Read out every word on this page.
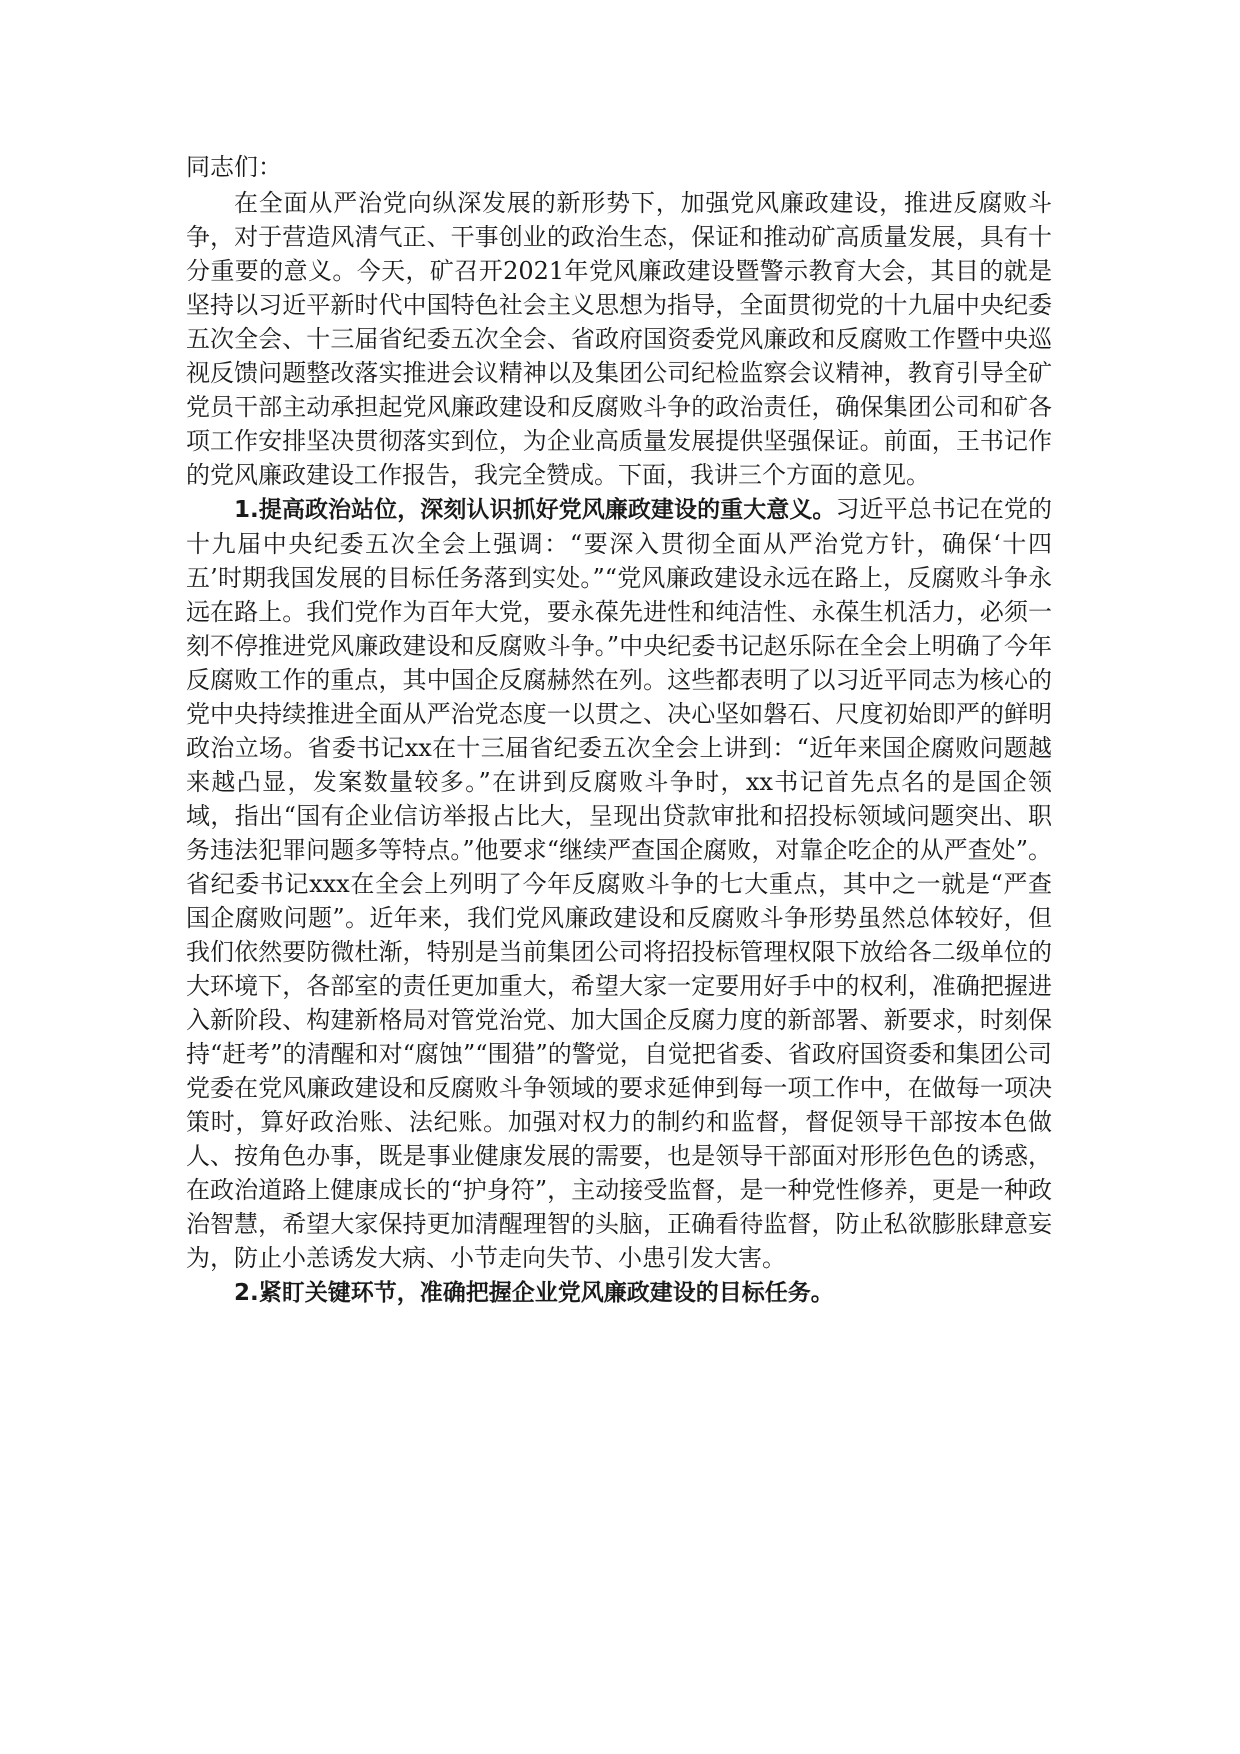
同志们：

在全面从严治党向纵深发展的新形势下，加强党风廉政建设，推进反腐败斗争，对于营造风清气正、干事创业的政治生态，保证和推动矿高质量发展，具有十分重要的意义。今天，矿召开2021年党风廉政建设暨警示教育大会，其目的就是坚持以习近平新时代中国特色社会主义思想为指导，全面贯彻党的十九届中央纪委五次全会、十三届省纪委五次全会、省政府国资委党风廉政和反腐败工作暨中央巡视反馈问题整改落实推进会议精神以及集团公司纪检监察会议精神，教育引导全矿党员干部主动承担起党风廉政建设和反腐败斗争的政治责任，确保集团公司和矿各项工作安排坚决贯彻落实到位，为企业高质量发展提供坚强保证。前面，王书记作的党风廉政建设工作报告，我完全赞成。下面，我讲三个方面的意见。

1.提高政治站位，深刻认识抓好党风廉政建设的重大意义。习近平总书记在党的十九届中央纪委五次全会上强调：“要深入贯彻全面从严治党方针，确保‘十四五’时期我国发展的目标任务落到实处。”“党风廉政建设永远在路上，反腐败斗争永远在路上。我们党作为百年大党，要永葆先进性和纯洁性、永葆生机活力，必须一刻不停推进党风廉政建设和反腐败斗争。”中央纪委书记赵乐际在全会上明确了今年反腐败工作的重点，其中国企反腐赫然在列。这些都表明了以习近平同志为核心的党中央持续推进全面从严治党态度一以贯之、决心坚如磐石、尺度初始即严的鲜明政治立场。省委书记xx在十三届省纪委五次全会上讲到：“近年来国企腐败问题越来越凸显，发案数量较多。”在讲到反腐败斗争时，xx书记首先点名的是国企领域，指出“国有企业信访举报占比大，呈现出贷款审批和招投标领域问题突出、职务违法犯罪问题多等特点。”他要求“继续严查国企腐败，对靠企吃企的从严查处”。省纪委书记xxx在全会上列明了今年反腐败斗争的七大重点，其中之一就是“严查国企腐败问题”。近年来，我们党风廉政建设和反腐败斗争形势虽然总体较好，但我们依然要防微杜渐，特别是当前集团公司将招投标管理权限下放给各二级单位的大环境下，各部室的责任更加重大，希望大家一定要用好手中的权利，准确把握进入新阶段、构建新格局对管党治党、加大国企反腐力度的新部署、新要求，时刻保持“赶考”的清醒和对“腐蚀”“围猎”的警觉，自觉把省委、省政府国资委和集团公司党委在党风廉政建设和反腐败斗争领域的要求延伸到每一项工作中，在做每一项决策时，算好政治账、法纪账。加强对权力的制约和监督，督促领导干部按本色做人、按角色办事，既是事业健康发展的需要，也是领导干部面对形形色色的诱惑，在政治道路上健康成长的“护身符”，主动接受监督，是一种党性修养，更是一种政治智慧，希望大家保持更加清醒理智的头脑，正确看待监督，防止私欲膨胀肆意妄为，防止小恙诱发大病、小节走向失节、小患引发大害。

2.紧盯关键环节，准确把握企业党风廉政建设的目标任务。
